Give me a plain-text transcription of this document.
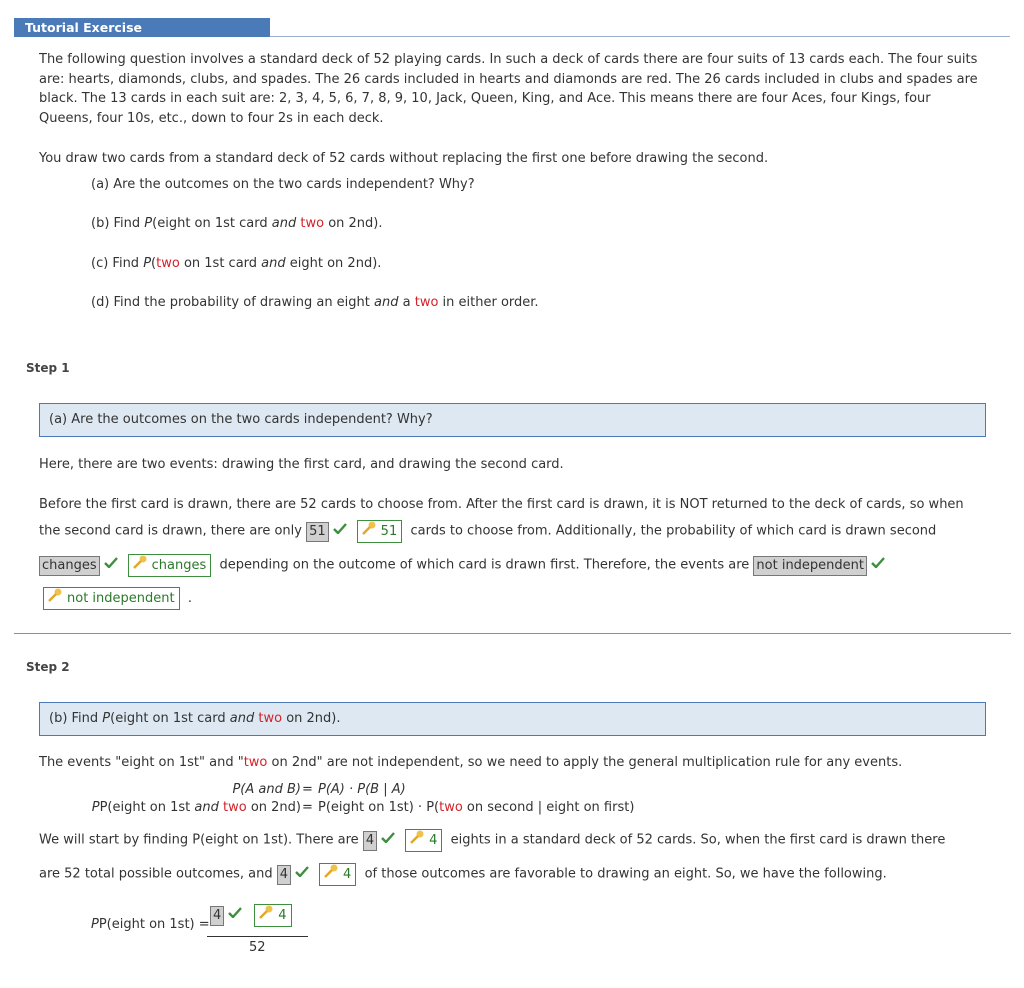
Tutorial Exercise

The following question involves a standard deck of 52 playing cards. In such a deck of cards there are four suits of 13 cards each. The four suits are: hearts, diamonds, clubs, and spades. The 26 cards included in hearts and diamonds are red. The 26 cards included in clubs and spades are black. The 13 cards in each suit are: 2, 3, 4, 5, 6, 7, 8, 9, 10, Jack, Queen, King, and Ace. This means there are four Aces, four Kings, four Queens, four 10s, etc., down to four 2s in each deck.

You draw two cards from a standard deck of 52 cards without replacing the first one before drawing the second.

(a) Are the outcomes on the two cards independent? Why?

(b) Find P(eight on 1st card and two on 2nd).

(c) Find P(two on 1st card and eight on 2nd).

(d) Find the probability of drawing an eight and a two in either order.

Step 1
(a) Are the outcomes on the two cards independent? Why?

Here, there are two events: drawing the first card, and drawing the second card.

Before the first card is drawn, there are 52 cards to choose from. After the first card is drawn, it is NOT returned to the deck of cards, so when
the second card is drawn, there are only 51	51 cards to choose from. Additionally, the probability of which card is drawn second
changes	changes depending on the outcome of which card is drawn first. Therefore, the events are not independent
not independent .
Step 2
(b) Find P(eight on 1st card and two on 2nd).

The events "eight on 1st" and "two on 2nd" are not independent, so we need to apply the general multiplication rule for any events.

P(A and B) = P(A) · P(B | A)
PP(eight on 1st and two on 2nd) = P(eight on 1st) · P(two on second | eight on first)
We will start by finding P(eight on 1st). There are 4	4 eights in a standard deck of 52 cards. So, when the first card is drawn there
are 52 total possible outcomes, and 4	4 of those outcomes are favorable to drawing an eight. So, we have the following.
PP(eight on 1st) =
4	4
52
